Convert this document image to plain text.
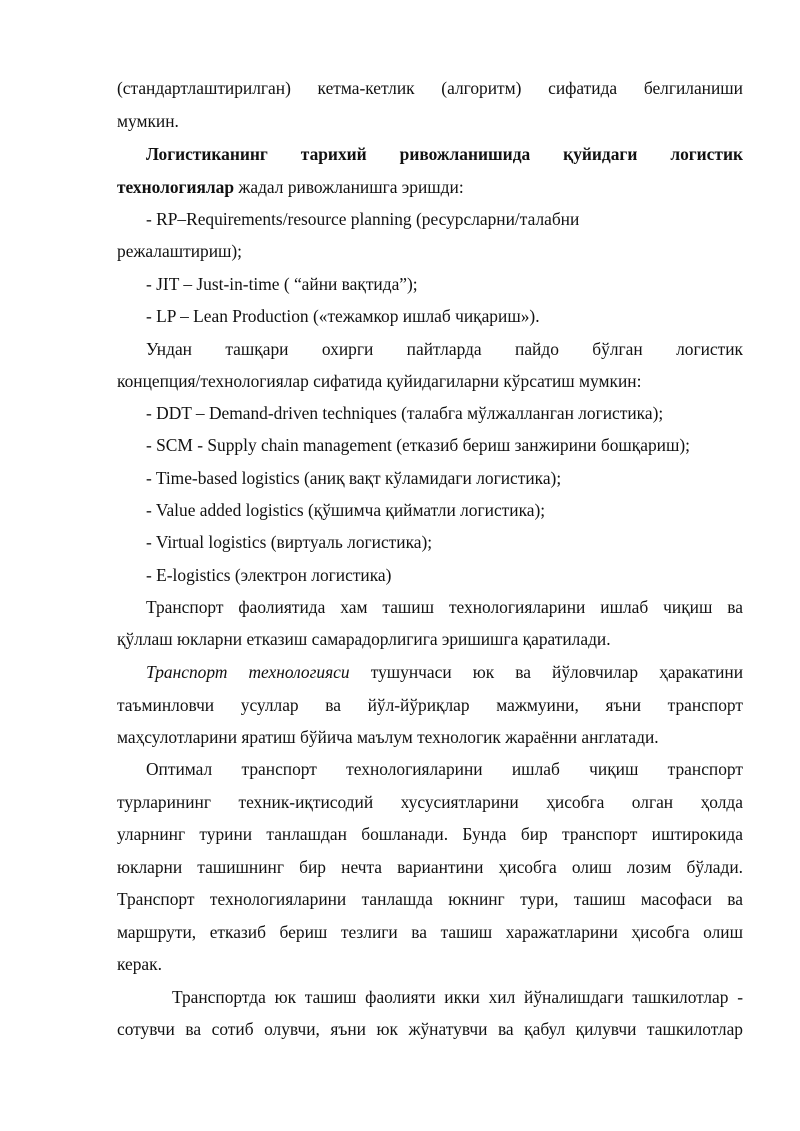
(стандартлаштирилган) кетма-кетлик (алгоритм) сифатида белгиланиши
мумкин.
Логистиканинг тарихий ривожланишида қуйидаги логистик
технологиялар жадал ривожланишга эришди:
- RP–Requirements/resource planning (ресурсларни/талабни
режалаштириш);
- JIT – Just-in-time ( “айни вақтида”);
- LP – Lean Production («тежамкор ишлаб чиқариш»).
Ундан ташқари охирги пайтларда пайдо бўлган логистик
концепция/технологиялар сифатида қуйидагиларни кўрсатиш мумкин:
- DDT – Demand-driven techniques (талабга мўлжалланган логистика);
- SCM - Supply chain management (етказиб бериш занжирини бошқариш);
- Time-based logistics (аниқ вақт кўламидаги логистика);
- Value added logistics (қўшимча қийматли логистика);
- Virtual logistics (виртуаль логистика);
- E-logistics (электрон логистика)
Транспорт фаолиятида хам ташиш технологияларини ишлаб чиқиш ва
қўллаш юкларни етказиш самарадорлигига эришишга қаратилади.
Транспорт технологияси тушунчаси юк ва йўловчилар ҳаракатини
таъминловчи усуллар ва йўл-йўриқлар мажмуини, яъни транспорт
маҳсулотларини яратиш бўйича маълум технологик жараённи англатади.
Оптимал транспорт технологияларини ишлаб чиқиш транспорт
турларининг техник-иқтисодий хусусиятларини ҳисобга олган ҳолда
уларнинг турини танлашдан бошланади. Бунда бир транспорт иштирокида
юкларни ташишнинг бир нечта вариантини ҳисобга олиш лозим бўлади.
Транспорт технологияларини танлашда юкнинг тури, ташиш масофаси ва
маршрути, етказиб бериш тезлиги ва ташиш харажатларини ҳисобга олиш
керак.
Транспортда юк ташиш фаолияти икки хил йўналишдаги ташкилотлар -
сотувчи ва сотиб олувчи, яъни юк жўнатувчи ва қабул қилувчи ташкилотлар
